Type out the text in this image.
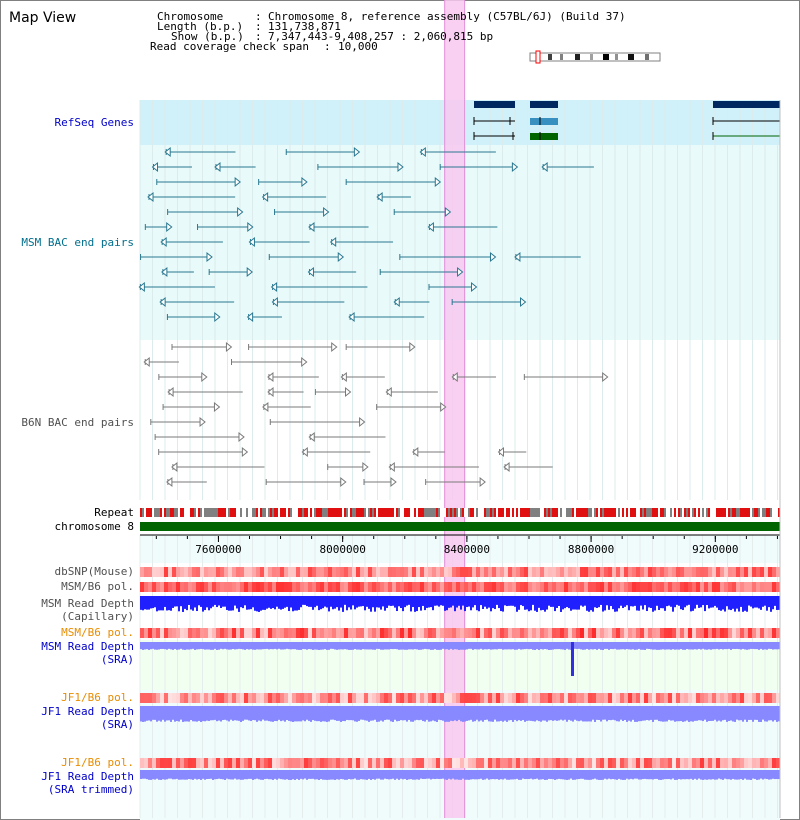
7600000	8000000	8400000	8800000	9200000
Map View	Chromosome	: Chromosome 8, reference assembly (C57BL/6J) (Build 37)
Length (b.p.) : 131,738,871
Show (b.p.) : 7,347,443-9,408,257 : 2,060,815 bp
Read coverage check span : 10,000
RefSeq Genes
MSM BAC end pairs
B6N BAC end pairs
Repeat
chromosome 8
dbSNP(Mouse)
MSM/B6 pol.
MSM Read Depth
(Capillary)
MSM/B6 pol.
MSM Read Depth
(SRA)
JF1/B6 pol.
JF1 Read Depth
(SRA)
JF1/B6 pol.
JF1 Read Depth
(SRA trimmed)
